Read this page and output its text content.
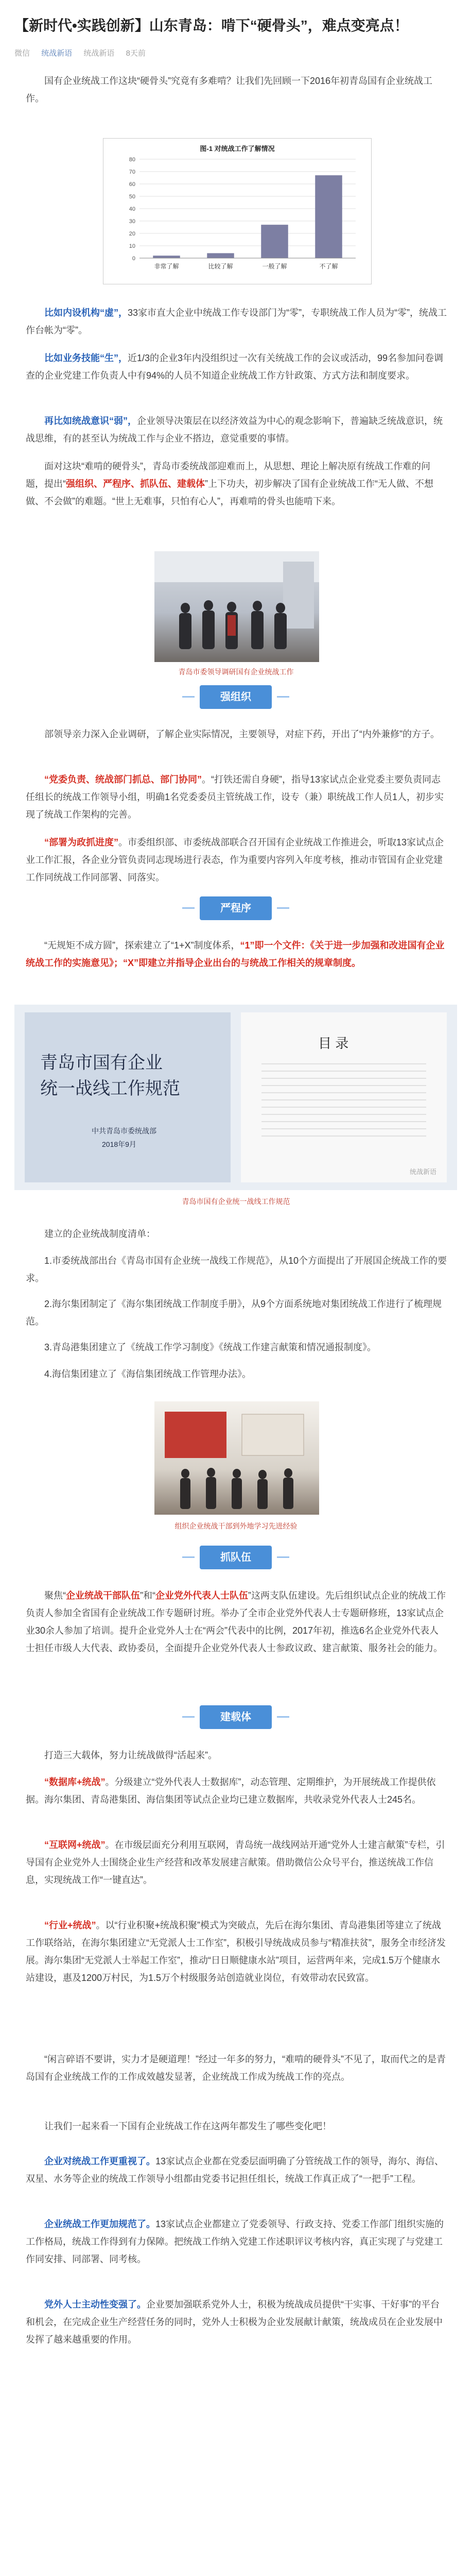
【新时代•实践创新】山东青岛：啃下“硬骨头”，难点变亮点！
微信 统战新语 统战新语 8天前

国有企业统战工作这块“硬骨头”究竟有多难啃？让我们先回顾一下2016年初青岛国有企业统战工作。

图-1 对统战工作了解情况
0
10
20
30
40
50
60
70
80
非常了解	比较了解	一般了解	不了解

比如内设机构“虚”，33家市直大企业中统战工作专设部门为“零”，专职统战工作人员为“零”，统战工作台帐为“零”。

比如业务技能“生”，近1/3的企业3年内没组织过一次有关统战工作的会议或活动，99名参加问卷调查的企业党建工作负责人中有94%的人员不知道企业统战工作方针政策、方式方法和制度要求。

再比如统战意识“弱”，企业领导决策层在以经济效益为中心的观念影响下，普遍缺乏统战意识，统战思维，有的甚至认为统战工作与企业不搭边，意觉重要的事情。

面对这块“难啃的硬骨头”，青岛市委统战部迎难而上，从思想、理论上解决原有统战工作难的问题，提出“强组织、严程序、抓队伍、建载体”上下功夫，初步解决了国有企业统战工作“无人做、不想做、不会做”的难题。“世上无难事，只怕有心人”，再难啃的骨头也能啃下来。

青岛市委领导调研国有企业统战工作
强组织

部领导亲力深入企业调研，了解企业实际情况，主要领导，对症下药，开出了“内外兼修”的方子。

“党委负责、统战部门抓总、部门协同”。“打铁还需自身硬”，指导13家试点企业党委主要负责同志任组长的统战工作领导小组，明确1名党委委员主管统战工作，设专（兼）职统战工作人员1人，初步实现了统战工作架构的完善。

“部署为政抓进度”。市委组织部、市委统战部联合召开国有企业统战工作推进会，听取13家试点企业工作汇报，各企业分管负责同志现场进行表态，作为重要内容列入年度考核，推动市管国有企业党建工作同统战工作同部署、同落实。

严程序

“无规矩不成方圆”，探索建立了“1+X”制度体系，“1”即一个文件：《关于进一步加强和改进国有企业统战工作的实施意见》；“X”即建立并指导企业出台的与统战工作相关的规章制度。

青岛市国有企业
统一战线工作规范
中共青岛市委统战部
2018年9月
目 录
统战新语
青岛市国有企业统一战线工作规范

建立的企业统战制度清单：

1.市委统战部出台《青岛市国有企业统一战线工作规范》，从10个方面提出了开展国企统战工作的要求。

2.海尔集团制定了《海尔集团统战工作制度手册》，从9个方面系统地对集团统战工作进行了梳理规范。

3.青岛港集团建立了《统战工作学习制度》《统战工作建言献策和情况通报制度》。

4.海信集团建立了《海信集团统战工作管理办法》。

组织企业统战干部到外地学习先进经验
抓队伍

聚焦“企业统战干部队伍”和“企业党外代表人士队伍”这两支队伍建设。先后组织试点企业的统战工作负责人参加全省国有企业统战工作专题研讨班。举办了全市企业党外代表人士专题研修班，13家试点企业30余人参加了培训。提升企业党外人士在“两会”代表中的比例，2017年初，推选6名企业党外代表人士担任市级人大代表、政协委员，全面提升企业党外代表人士参政议政、建言献策、服务社会的能力。

建载体

打造三大载体，努力让统战做得“活起来”。

“数据库+统战”。分级建立“党外代表人士数据库”，动态管理、定期维护，为开展统战工作提供依据。海尔集团、青岛港集团、海信集团等试点企业均已建立数据库，共收录党外代表人士245名。

“互联网+统战”。在市级层面充分利用互联网，青岛统一战线网站开通“党外人士建言献策”专栏，引导国有企业党外人士围绕企业生产经营和改革发展建言献策。借助微信公众号平台，推送统战工作信息，实现统战工作“一键直达”。

“行业+统战”。以“行业积聚+统战积聚”模式为突破点，先后在海尔集团、青岛港集团等建立了统战工作联络站，在海尔集团建立“无党派人士工作室”，积极引导统战成员参与“精准扶贫”，服务全市经济发展。海尔集团“无党派人士举起工作室”，推动“日日顺健康水站”项目，运营两年来，完成1.5万个健康水站建设，惠及1200万村民，为1.5万个村级服务站创造就业岗位，有效带动农民致富。

“闲言碎语不要讲，实力才是硬道理！”经过一年多的努力，“难啃的硬骨头”不见了，取而代之的是青岛国有企业统战工作的工作成效越发显著，企业统战工作成为统战工作的亮点。

让我们一起来看一下国有企业统战工作在这两年都发生了哪些变化吧！

企业对统战工作更重视了。13家试点企业都在党委层面明确了分管统战工作的领导，海尔、海信、双星、水务等企业的统战工作领导小组都由党委书记担任组长，统战工作真正成了“一把手”工程。

企业统战工作更加规范了。13家试点企业都建立了党委领导、行政支持、党委工作部门组织实施的工作格局，统战工作得到有力保障。把统战工作纳入党建工作述职评议考核内容，真正实现了与党建工作同安排、同部署、同考核。

党外人士主动性变强了。企业要加强联系党外人士，积极为统战成员提供“干实事、干好事”的平台和机会，在完成企业生产经营任务的同时，党外人士积极为企业发展献计献策，统战成员在企业发展中发挥了越来越重要的作用。
